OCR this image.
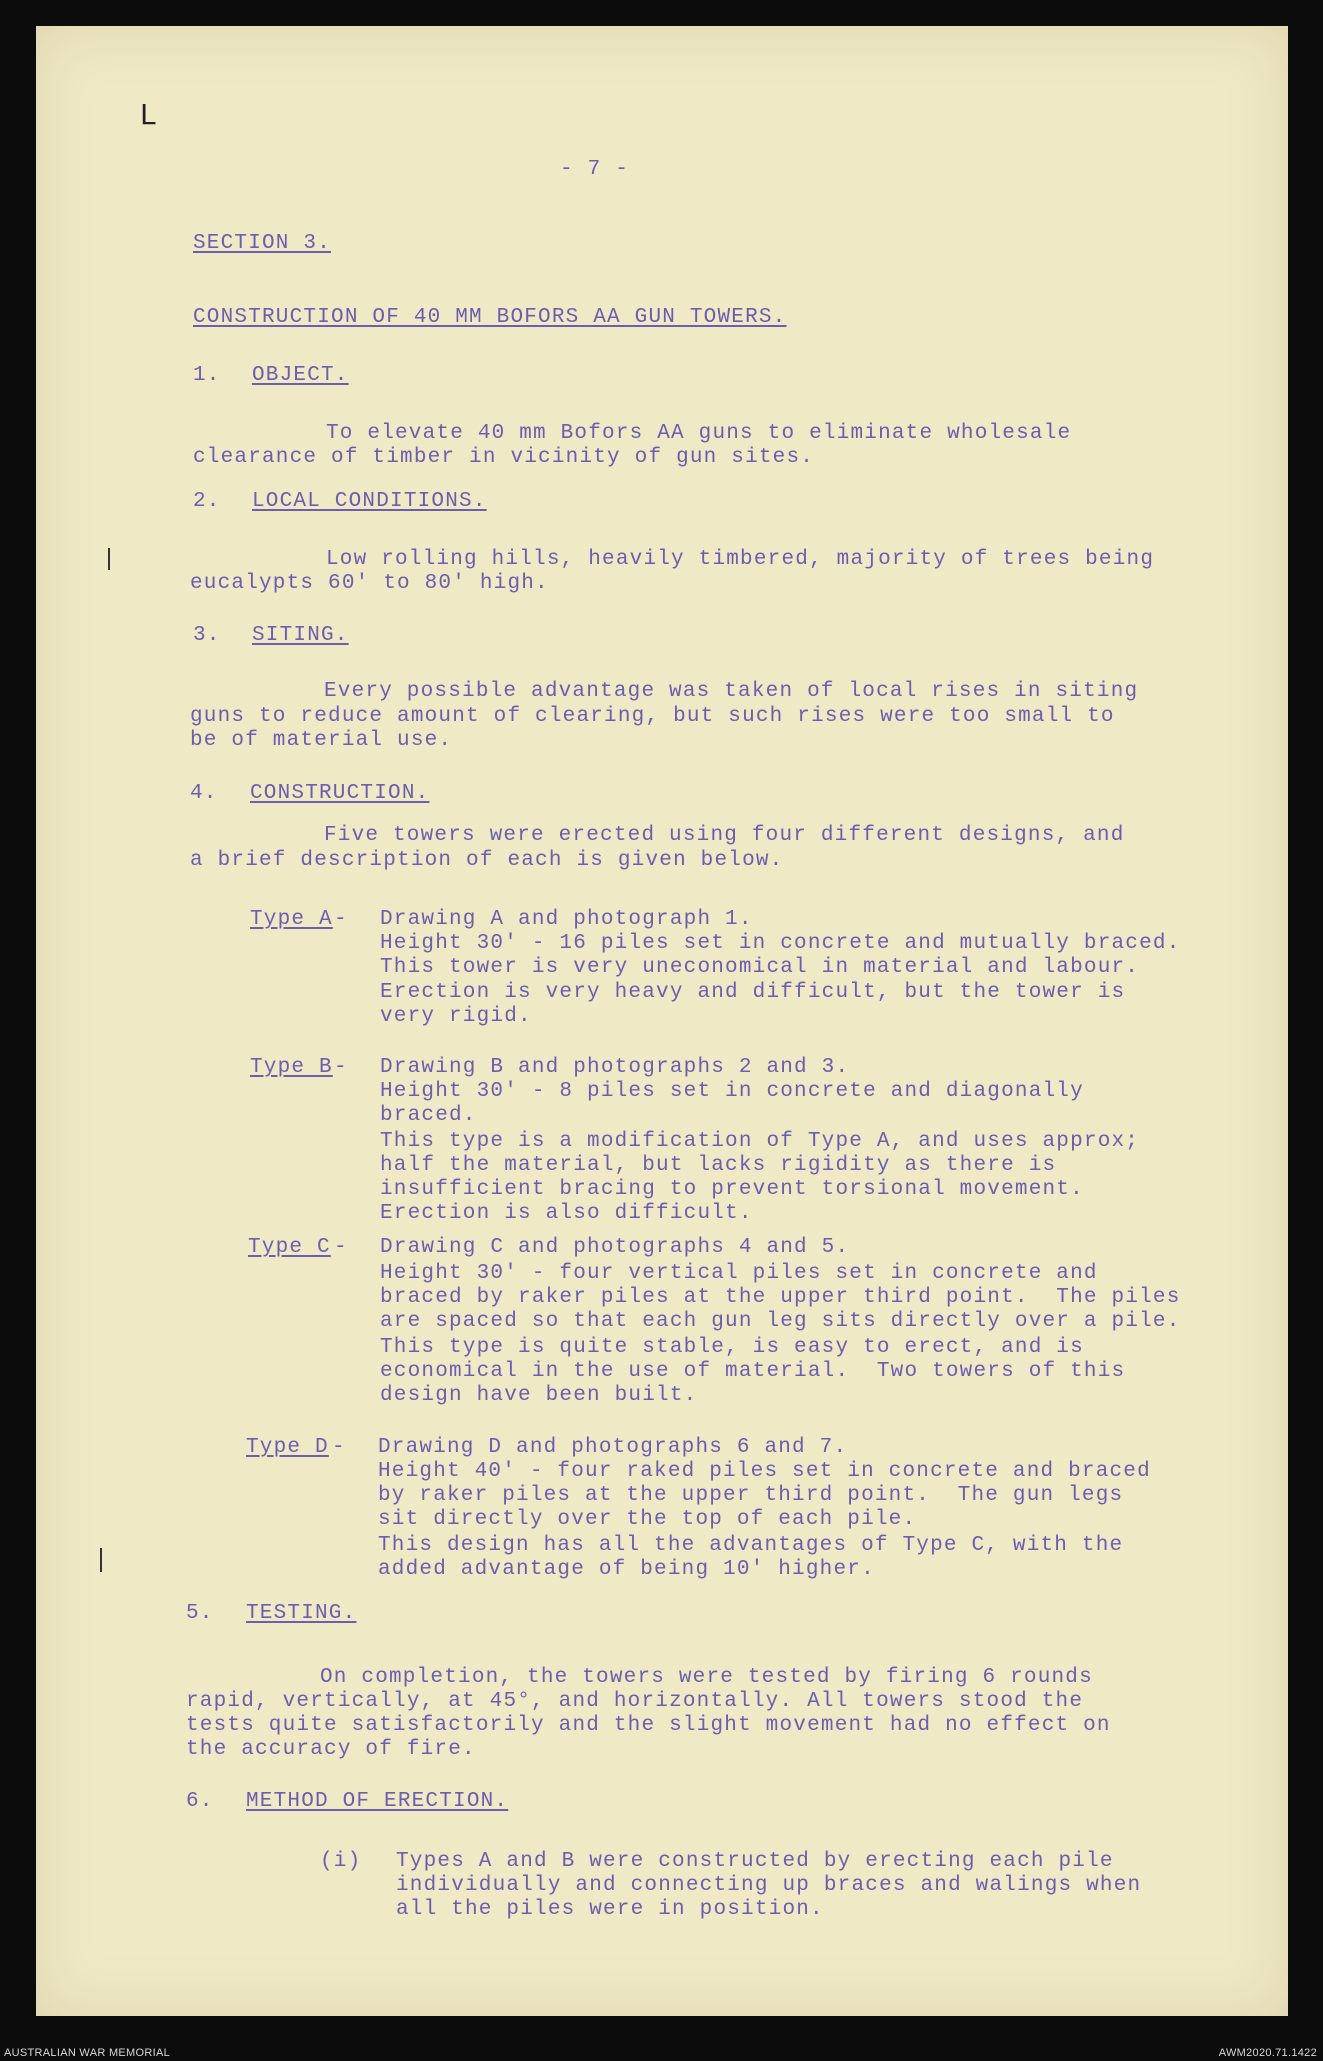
L

- 7 -

SECTION 3.

CONSTRUCTION OF 40 MM BOFORS AA GUN TOWERS.

1. OBJECT.

To elevate 40 mm Bofors AA guns to eliminate wholesale

clearance of timber in vicinity of gun sites.

2. LOCAL CONDITIONS.

Low rolling hills, heavily timbered, majority of trees being

eucalypts 60' to 80' high.

3. SITING.

Every possible advantage was taken of local rises in siting

guns to reduce amount of clearing, but such rises were too small to

be of material use.

4. CONSTRUCTION.

Five towers were erected using four different designs, and

a brief description of each is given below.

Type A - Drawing A and photograph 1.

Height 30' - 16 piles set in concrete and mutually braced.

This tower is very uneconomical in material and labour.

Erection is very heavy and difficult, but the tower is

very rigid.

Type B - Drawing B and photographs 2 and 3.

Height 30' - 8 piles set in concrete and diagonally

braced.

This type is a modification of Type A, and uses approx;

half the material, but lacks rigidity as there is

insufficient bracing to prevent torsional movement.

Erection is also difficult.

Type C - Drawing C and photographs 4 and 5.

Height 30' - four vertical piles set in concrete and

braced by raker piles at the upper third point.  The piles

are spaced so that each gun leg sits directly over a pile.

This type is quite stable, is easy to erect, and is

economical in the use of material.  Two towers of this

design have been built.

Type D - Drawing D and photographs 6 and 7.

Height 40' - four raked piles set in concrete and braced

by raker piles at the upper third point.  The gun legs

sit directly over the top of each pile.

This design has all the advantages of Type C, with the

added advantage of being 10' higher.

5. TESTING.

On completion, the towers were tested by firing 6 rounds

rapid, vertically, at 45°, and horizontally. All towers stood the

tests quite satisfactorily and the slight movement had no effect on

the accuracy of fire.

6. METHOD OF ERECTION.

(i) Types A and B were constructed by erecting each pile

individually and connecting up braces and walings when

all the piles were in position.

AUSTRALIAN WAR MEMORIAL	AWM2020.71.1422
